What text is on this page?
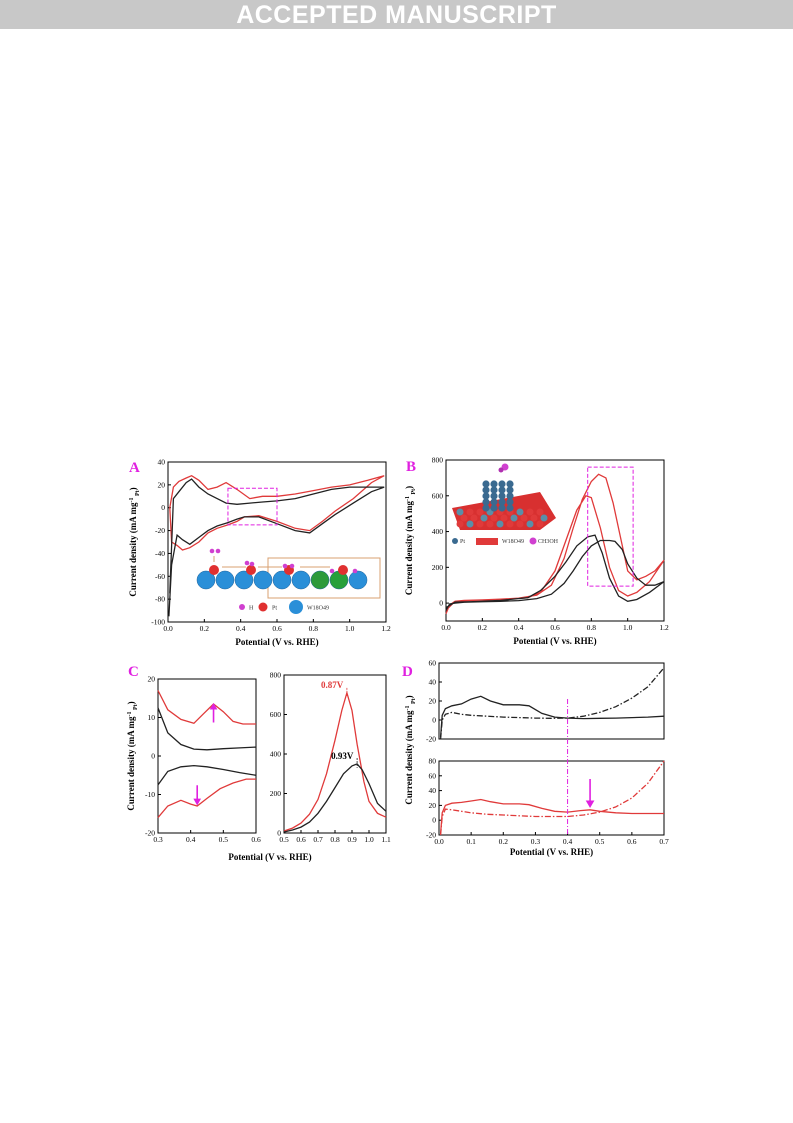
ACCEPTED MANUSCRIPT
0.0	0.2	0.4	0.6	0.8	1.0	1.2
-100
-80
-60
-40
-20
0
20
40
Potential (V vs. RHE)
Current density (mA $mg^{-1}$ $_{Pt}$)
A
H	Pt	W18O49
0.0	0.2	0.4	0.6	0.8	1.0	1.2
0
200
400
600
800
Potential (V vs. RHE)
Current density (mA $mg^{-1}$ $_{Pt}$)
B
Pt	W18O49 CH3OH
0.3	0.4	0.5	0.6
-20
-10
0
10
20
Current density (mA $mg^{-1}$ $_{Pt}$)
C
0.5 0.6 0.7 0.8 0.9 1.0 1.1
0
200
400
600
800
Potential (V vs. RHE)
0.87V
0.93V
-20
0
20
40
60
Current density (mA $mg^{-1}$ $_{Pt}$)
D
0.0	0.1	0.2	0.3	0.4	0.5	0.6	0.7
-20
0
20
40
60
80
Potential (V vs. RHE)
